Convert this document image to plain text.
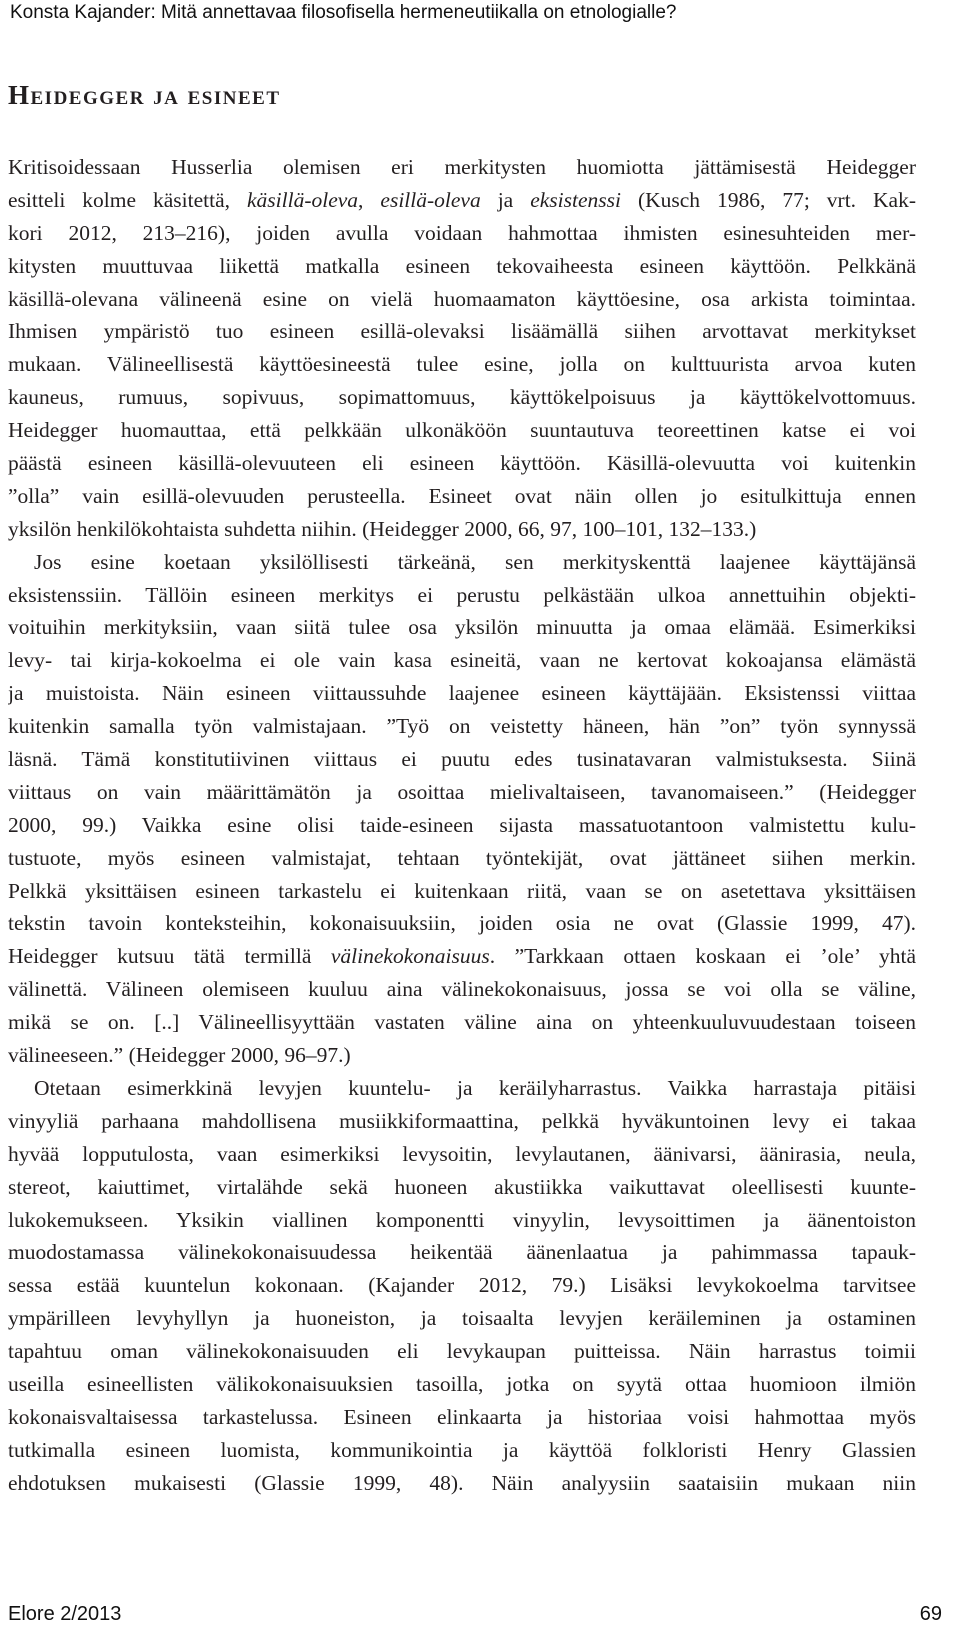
Konsta Kajander: Mitä annettavaa filosofisella hermeneutiikalla on etnologialle?
Heidegger ja esineet
Kritisoidessaan Husserlia olemisen eri merkitysten huomiotta jättämisestä Heidegger
esitteli kolme käsitettä, käsillä-oleva, esillä-oleva ja eksistenssi (Kusch 1986, 77; vrt. Kak-
kori 2012, 213–216), joiden avulla voidaan hahmottaa ihmisten esinesuhteiden mer-
kitysten muuttuvaa liikettä matkalla esineen tekovaiheesta esineen käyttöön. Pelkkänä
käsillä-olevana välineenä esine on vielä huomaamaton käyttöesine, osa arkista toimintaa.
Ihmisen ympäristö tuo esineen esillä-olevaksi lisäämällä siihen arvottavat merkitykset
mukaan. Välineellisestä käyttöesineestä tulee esine, jolla on kulttuurista arvoa kuten
kauneus, rumuus, sopivuus, sopimattomuus, käyttökelpoisuus ja käyttökelvottomuus.
Heidegger huomauttaa, että pelkkään ulkonäköön suuntautuva teoreettinen katse ei voi
päästä esineen käsillä-olevuuteen eli esineen käyttöön. Käsillä-olevuutta voi kuitenkin
”olla” vain esillä-olevuuden perusteella. Esineet ovat näin ollen jo esitulkittuja ennen
yksilön henkilökohtaista suhdetta niihin. (Heidegger 2000, 66, 97, 100–101, 132–133.)
Jos esine koetaan yksilöllisesti tärkeänä, sen merkityskenttä laajenee käyttäjänsä
eksistenssiin. Tällöin esineen merkitys ei perustu pelkästään ulkoa annettuihin objekti-
voituihin merkityksiin, vaan siitä tulee osa yksilön minuutta ja omaa elämää. Esimerkiksi
levy- tai kirja-kokoelma ei ole vain kasa esineitä, vaan ne kertovat kokoajansa elämästä
ja muistoista. Näin esineen viittaussuhde laajenee esineen käyttäjään. Eksistenssi viittaa
kuitenkin samalla työn valmistajaan. ”Työ on veistetty häneen, hän ”on” työn synnyssä
läsnä. Tämä konstitutiivinen viittaus ei puutu edes tusinatavaran valmistuksesta. Siinä
viittaus on vain määrittämätön ja osoittaa mielivaltaiseen, tavanomaiseen.” (Heidegger
2000, 99.) Vaikka esine olisi taide-esineen sijasta massatuotantoon valmistettu kulu-
tustuote, myös esineen valmistajat, tehtaan työntekijät, ovat jättäneet siihen merkin.
Pelkkä yksittäisen esineen tarkastelu ei kuitenkaan riitä, vaan se on asetettava yksittäisen
tekstin tavoin konteksteihin, kokonaisuuksiin, joiden osia ne ovat (Glassie 1999, 47).
Heidegger kutsuu tätä termillä välinekokonaisuus. ”Tarkkaan ottaen koskaan ei ’ole’ yhtä
välinettä. Välineen olemiseen kuuluu aina välinekokonaisuus, jossa se voi olla se väline,
mikä se on. [..] Välineellisyyttään vastaten väline aina on yhteenkuuluvuudestaan toiseen
välineeseen.” (Heidegger 2000, 96–97.)
Otetaan esimerkkinä levyjen kuuntelu- ja keräilyharrastus. Vaikka harrastaja pitäisi
vinyyliä parhaana mahdollisena musiikkiformaattina, pelkkä hyväkuntoinen levy ei takaa
hyvää lopputulosta, vaan esimerkiksi levysoitin, levylautanen, äänivarsi, äänirasia, neula,
stereot, kaiuttimet, virtalähde sekä huoneen akustiikka vaikuttavat oleellisesti kuunte-
lukokemukseen. Yksikin viallinen komponentti vinyylin, levysoittimen ja äänentoiston
muodostamassa välinekokonaisuudessa heikentää äänenlaatua ja pahimmassa tapauk-
sessa estää kuuntelun kokonaan. (Kajander 2012, 79.) Lisäksi levykokoelma tarvitsee
ympärilleen levyhyllyn ja huoneiston, ja toisaalta levyjen keräileminen ja ostaminen
tapahtuu oman välinekokonaisuuden eli levykaupan puitteissa. Näin harrastus toimii
useilla esineellisten välikokonaisuuksien tasoilla, jotka on syytä ottaa huomioon ilmiön
kokonaisvaltaisessa tarkastelussa. Esineen elinkaarta ja historiaa voisi hahmottaa myös
tutkimalla esineen luomista, kommunikointia ja käyttöä folkloristi Henry Glassien
ehdotuksen mukaisesti (Glassie 1999, 48). Näin analyysiin saataisiin mukaan niin
Elore 2/2013	69
